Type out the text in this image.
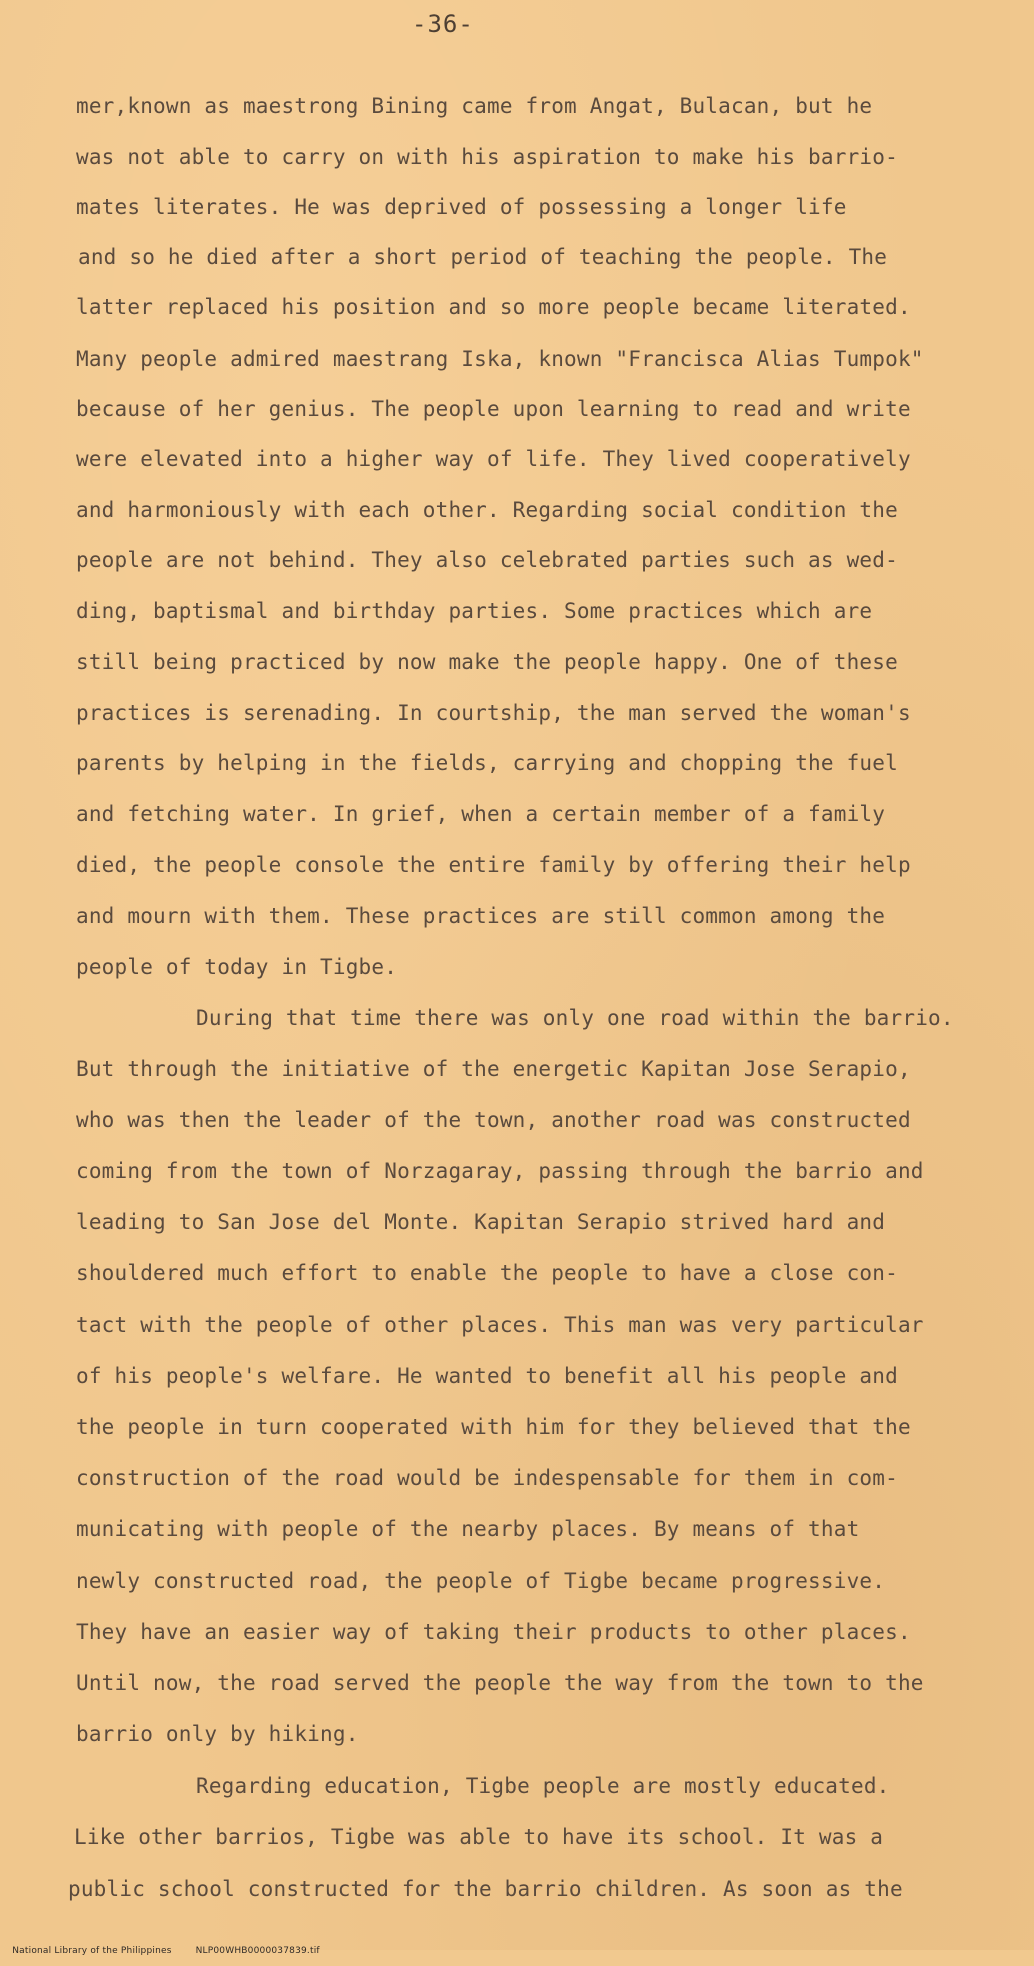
-36-
mer,known as maestrong Bining came from Angat, Bulacan, but he
was not able to carry on with his aspiration to make his barrio-
mates literates. He was deprived of possessing a longer life
and so he died after a short period of teaching the people. The
latter replaced his position and so more people became literated.
Many people admired maestrang Iska, known "Francisca Alias Tumpok"
because of her genius. The people upon learning to read and write
were elevated into a higher way of life. They lived cooperatively
and harmoniously with each other. Regarding social condition the
people are not behind. They also celebrated parties such as wed-
ding, baptismal and birthday parties. Some practices which are
still being practiced by now make the people happy. One of these
practices is serenading. In courtship, the man served the woman's
parents by helping in the fields, carrying and chopping the fuel
and fetching water. In grief, when a certain member of a family
died, the people console the entire family by offering their help
and mourn with them. These practices are still common among the
people of today in Tigbe.
During that time there was only one road within the barrio.
But through the initiative of the energetic Kapitan Jose Serapio,
who was then the leader of the town, another road was constructed
coming from the town of Norzagaray, passing through the barrio and
leading to San Jose del Monte. Kapitan Serapio strived hard and
shouldered much effort to enable the people to have a close con-
tact with the people of other places. This man was very particular
of his people's welfare. He wanted to benefit all his people and
the people in turn cooperated with him for they believed that the
construction of the road would be indespensable for them in com-
municating with people of the nearby places. By means of that
newly constructed road, the people of Tigbe became progressive.
They have an easier way of taking their products to other places.
Until now, the road served the people the way from the town to the
barrio only by hiking.
Regarding education, Tigbe people are mostly educated.
Like other barrios, Tigbe was able to have its school. It was a
public school constructed for the barrio children. As soon as the

National Library of the Philippines	NLP00WHB0000037839.tif
